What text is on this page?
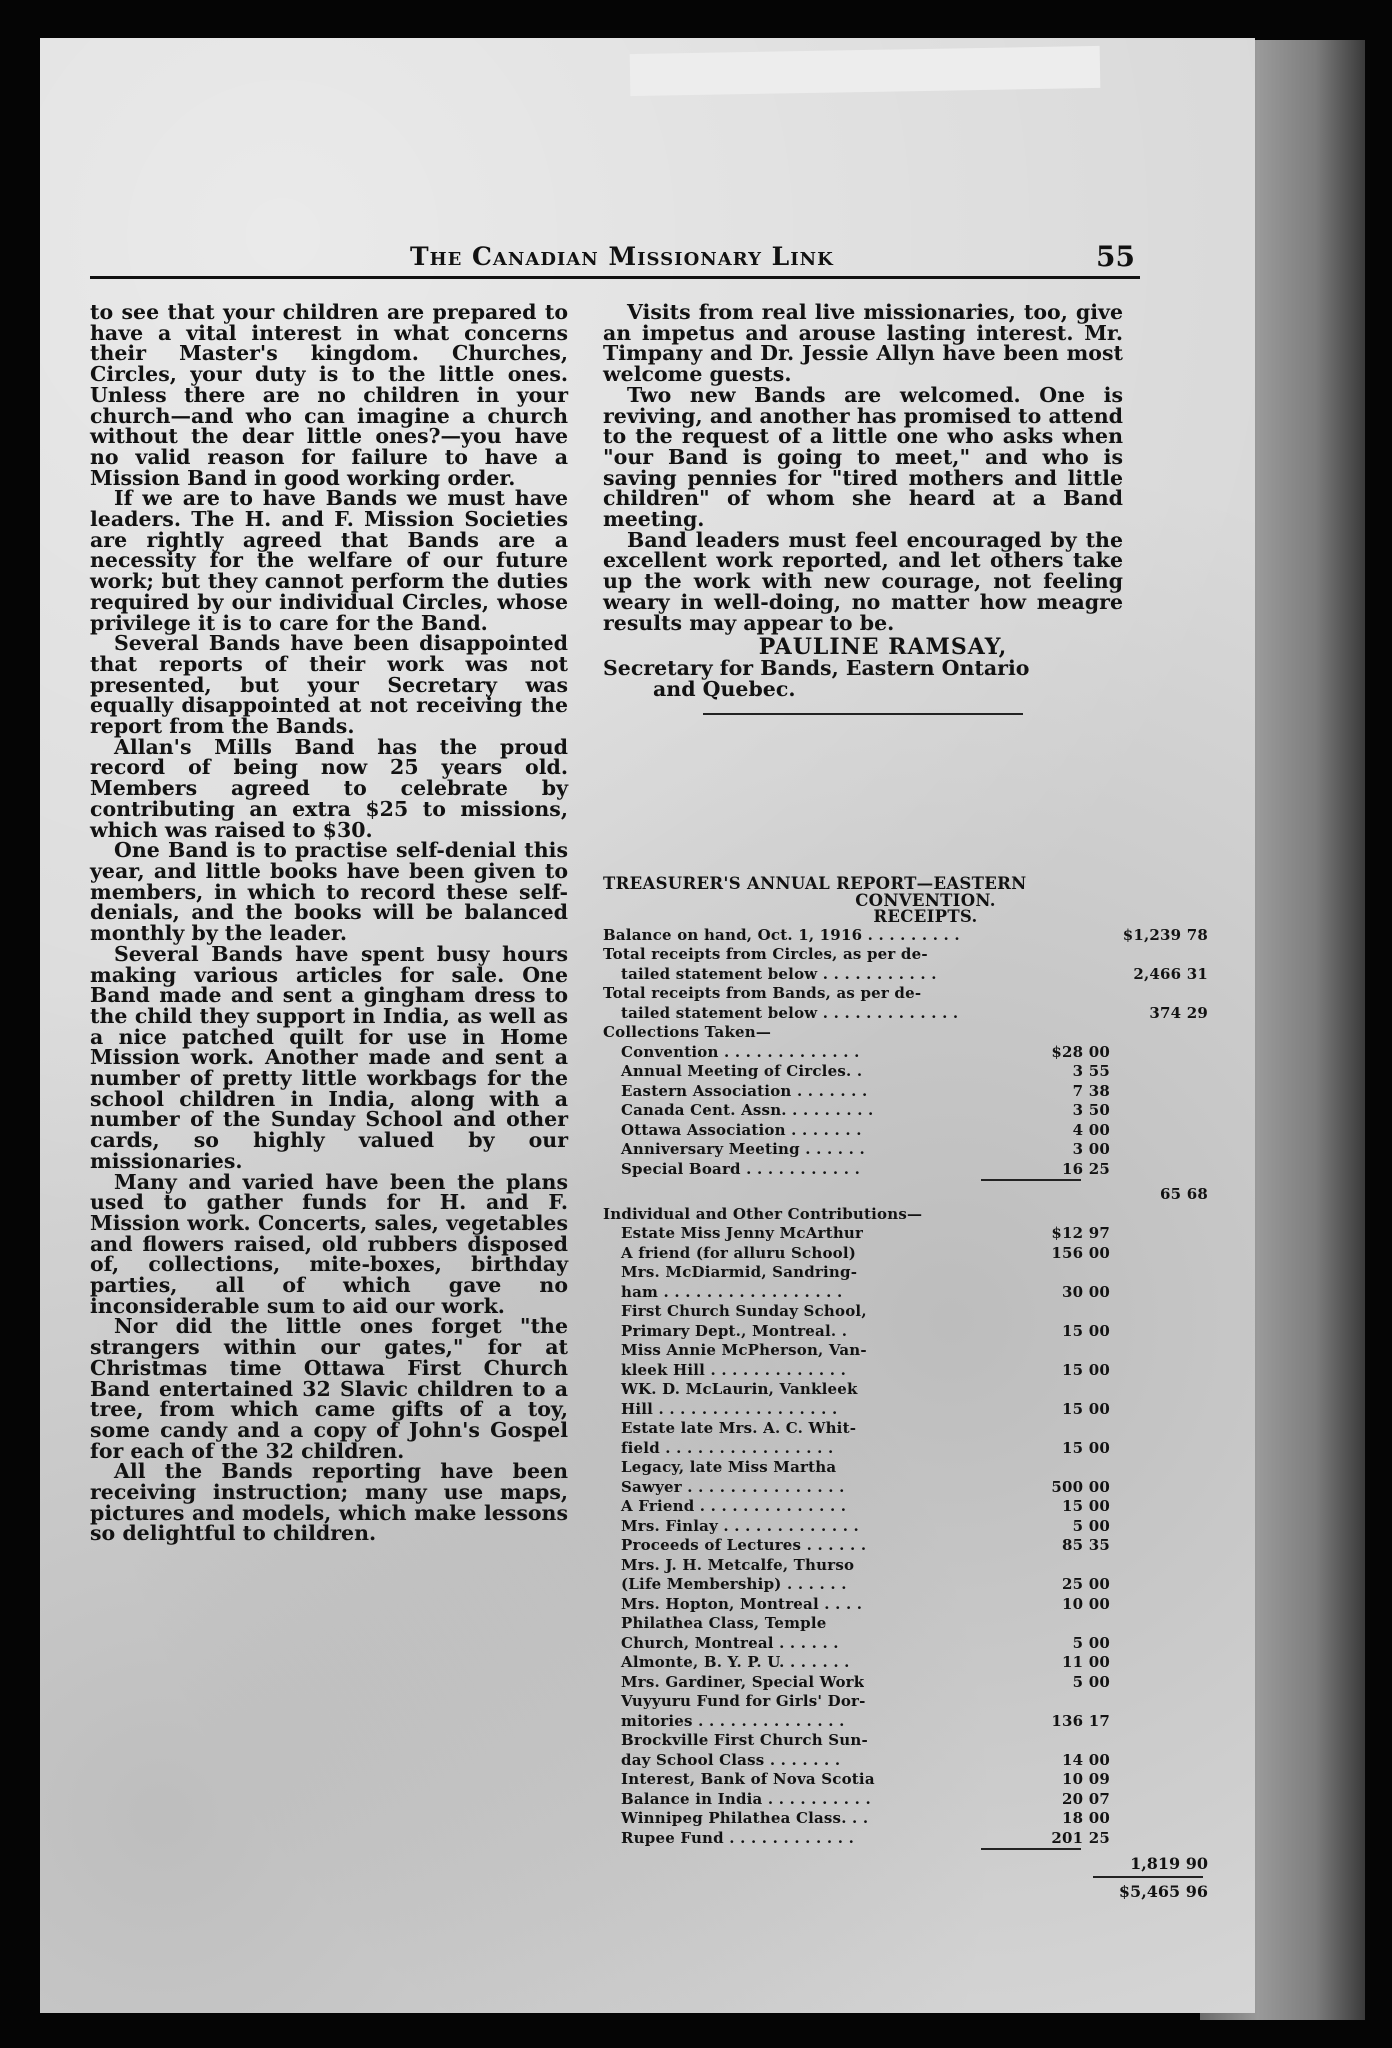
The Canadian Missionary Link	55

to see that your children are prepared to have a vital interest in what concerns their Master's kingdom. Churches, Circles, your duty is to the little ones. Unless there are no children in your church—and who can imagine a church without the dear little ones?—you have no valid reason for failure to have a Mission Band in good working order.

If we are to have Bands we must have leaders. The H. and F. Mission Societies are rightly agreed that Bands are a necessity for the welfare of our future work; but they cannot perform the duties required by our individual Circles, whose privilege it is to care for the Band.

Several Bands have been disappointed that reports of their work was not presented, but your Secretary was equally disappointed at not receiving the report from the Bands.

Allan's Mills Band has the proud record of being now 25 years old. Members agreed to celebrate by contributing an extra $25 to missions, which was raised to $30.

One Band is to practise self-denial this year, and little books have been given to members, in which to record these self-denials, and the books will be balanced monthly by the leader.

Several Bands have spent busy hours making various articles for sale. One Band made and sent a gingham dress to the child they support in India, as well as a nice patched quilt for use in Home Mission work. Another made and sent a number of pretty little workbags for the school children in India, along with a number of the Sunday School and other cards, so highly valued by our missionaries.

Many and varied have been the plans used to gather funds for H. and F. Mission work. Concerts, sales, vegetables and flowers raised, old rubbers disposed of, collections, mite-boxes, birthday parties, all of which gave no inconsiderable sum to aid our work.

Nor did the little ones forget "the strangers within our gates," for at Christmas time Ottawa First Church Band entertained 32 Slavic children to a tree, from which came gifts of a toy, some candy and a copy of John's Gospel for each of the 32 children.

All the Bands reporting have been receiving instruction; many use maps, pictures and models, which make lessons so delightful to children.

Visits from real live missionaries, too, give an impetus and arouse lasting interest. Mr. Timpany and Dr. Jessie Allyn have been most welcome guests.

Two new Bands are welcomed. One is reviving, and another has promised to attend to the request of a little one who asks when "our Band is going to meet," and who is saving pennies for "tired mothers and little children" of whom she heard at a Band meeting.

Band leaders must feel encouraged by the excellent work reported, and let others take up the work with new courage, not feeling weary in well-doing, no matter how meagre results may appear to be.

PAULINE RAMSAY,
Secretary for Bands, Eastern Ontario
and Quebec.
TREASURER'S ANNUAL REPORT—EASTERN
CONVENTION.
RECEIPTS.
Balance on hand, Oct. 1, 1916 . . . . . . . . .	$1,239 78
Total receipts from Circles, as per de-
tailed statement below . . . . . . . . . . .	2,466 31
Total receipts from Bands, as per de-
tailed statement below . . . . . . . . . . . . .	374 29
Collections Taken—
Convention . . . . . . . . . . . . .	$28 00
Annual Meeting of Circles. .	3 55
Eastern Association . . . . . . .	7 38
Canada Cent. Assn. . . . . . . . .	3 50
Ottawa Association . . . . . . .	4 00
Anniversary Meeting . . . . . .	3 00
Special Board . . . . . . . . . . .	16 25
65 68
Individual and Other Contributions—
Estate Miss Jenny McArthur	$12 97
A friend (for alluru School)	156 00
Mrs. McDiarmid, Sandring-
ham . . . . . . . . . . . . . . . . .	30 00
First Church Sunday School,
Primary Dept., Montreal. .	15 00
Miss Annie McPherson, Van-
kleek Hill . . . . . . . . . . . . .	15 00
WK. D. McLaurin, Vankleek
Hill . . . . . . . . . . . . . . . . .	15 00
Estate late Mrs. A. C. Whit-
field . . . . . . . . . . . . . . . .	15 00
Legacy, late Miss Martha
Sawyer . . . . . . . . . . . . . . .	500 00
A Friend . . . . . . . . . . . . . .	15 00
Mrs. Finlay . . . . . . . . . . . . .	5 00
Proceeds of Lectures . . . . . .	85 35
Mrs. J. H. Metcalfe, Thurso
(Life Membership) . . . . . .	25 00
Mrs. Hopton, Montreal . . . .	10 00
Philathea Class, Temple
Church, Montreal . . . . . .	5 00
Almonte, B. Y. P. U. . . . . . .	11 00
Mrs. Gardiner, Special Work	5 00
Vuyyuru Fund for Girls' Dor-
mitories . . . . . . . . . . . . . .	136 17
Brockville First Church Sun-
day School Class . . . . . . .	14 00
Interest, Bank of Nova Scotia	10 09
Balance in India . . . . . . . . . .	20 07
Winnipeg Philathea Class. . .	18 00
Rupee Fund . . . . . . . . . . . .	201 25
1,819 90
$5,465 96
